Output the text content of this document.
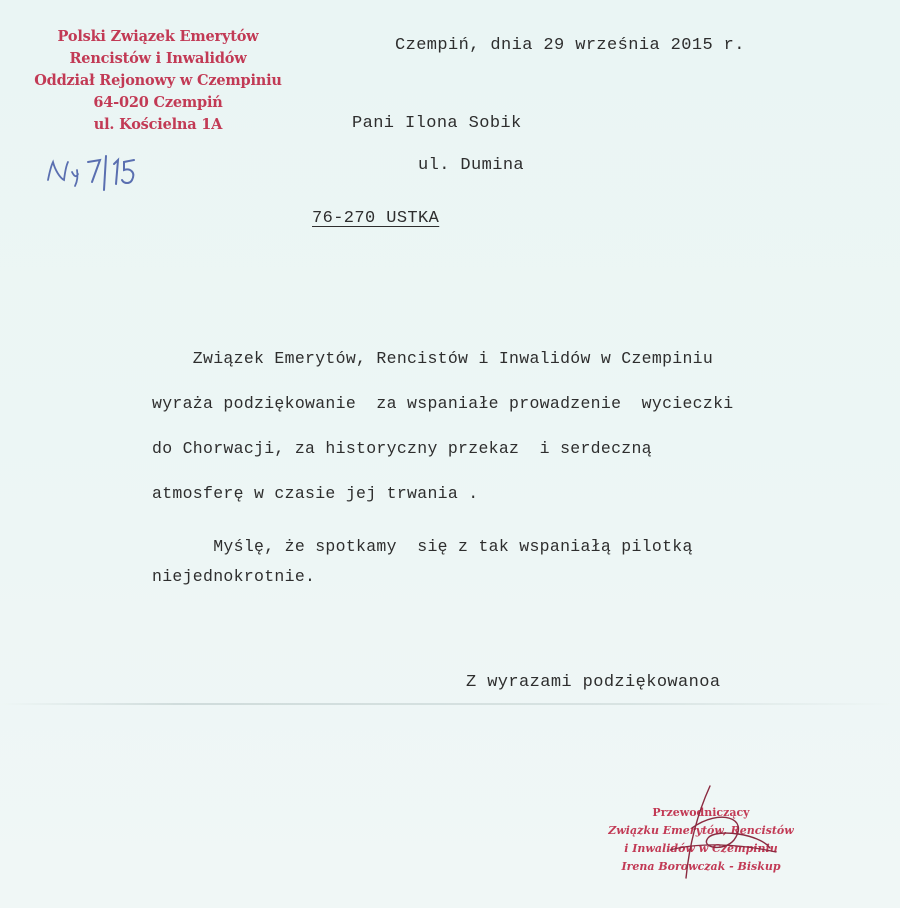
Polski Związek Emerytów
Rencistów i Inwalidów
Oddział Rejonowy w Czempiniu
64-020 Czempiń
ul. Kościelna 1A
Czempiń, dnia 29 września 2015 r.
Pani Ilona Sobik
ul. Dumina
76-270 USTKA
Związek Emerytów, Rencistów i Inwalidów w Czempiniu
wyraża podziękowanie  za wspaniałe prowadzenie  wycieczki
do Chorwacji, za historyczny przekaz  i serdeczną
atmosferę w czasie jej trwania .
Myślę, że spotkamy  się z tak wspaniałą pilotką
niejednokrotnie.
Z wyrazami podziękowanoa
Przewodniczący
Związku Emerytów, Rencistów
i Inwalidów w Czempiniu
Irena Borowczak - Biskup
